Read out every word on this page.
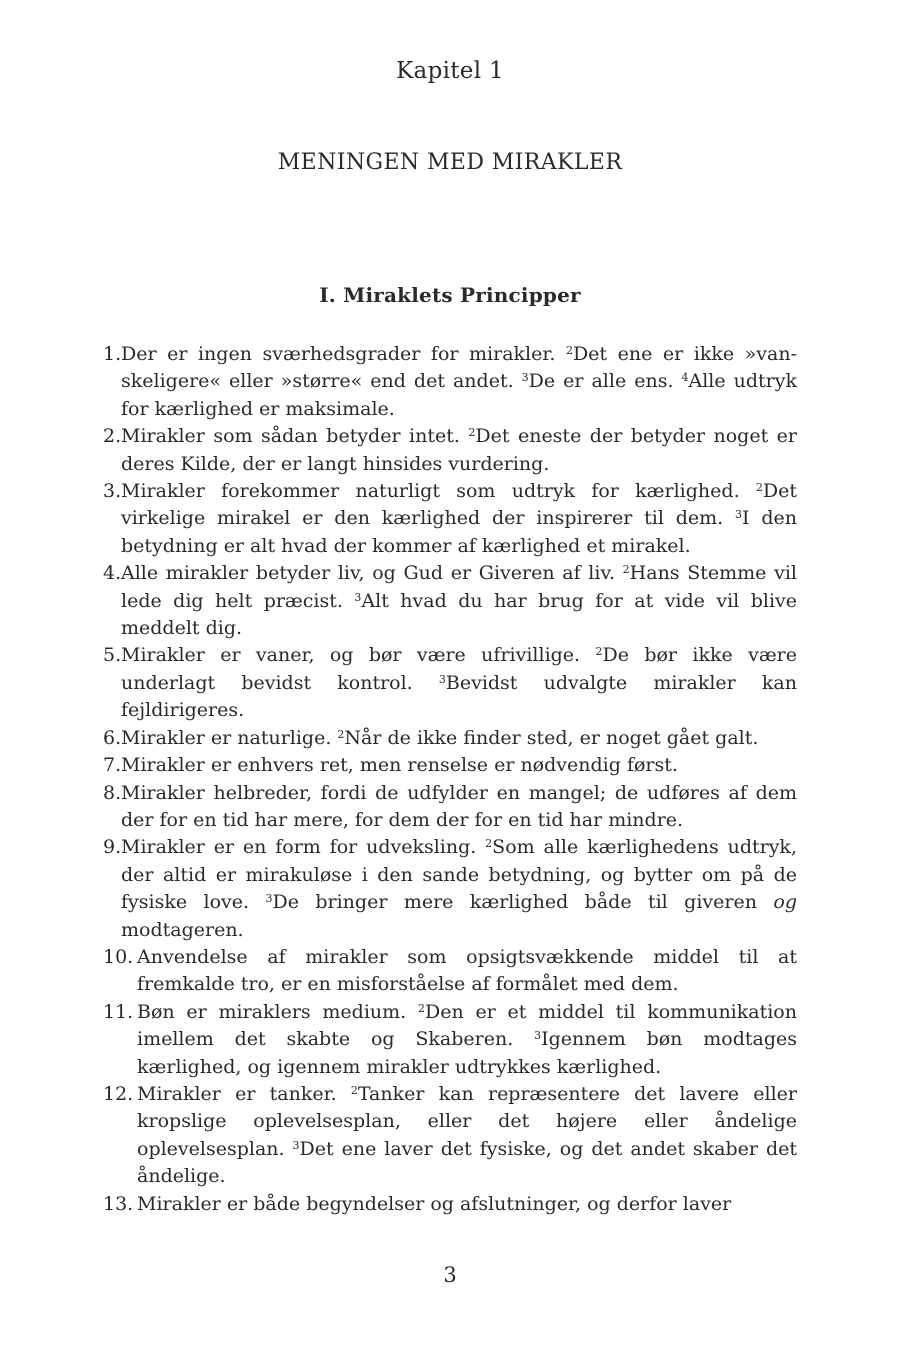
Kapitel 1
MENINGEN MED MIRAKLER
I. Miraklets Principper
1. Der er ingen sværhedsgrader for mirakler. $^2$Det ene er ikke »vanskeligere« eller »større« end det andet. $^3$De er alle ens. $^4$Alle udtryk for kærlighed er maksimale.
2. Mirakler som sådan betyder intet. $^2$Det eneste der betyder noget er deres Kilde, der er langt hinsides vurdering.
3. Mirakler forekommer naturligt som udtryk for kærlighed. $^2$Det virkelige mirakel er den kærlighed der inspirerer til dem. $^3$I den betydning er alt hvad der kommer af kærlighed et mirakel.
4. Alle mirakler betyder liv, og Gud er Giveren af liv. $^2$Hans Stemme vil lede dig helt præcist. $^3$Alt hvad du har brug for at vide vil blive meddelt dig.
5. Mirakler er vaner, og bør være ufrivillige. $^2$De bør ikke være underlagt bevidst kontrol. $^3$Bevidst udvalgte mirakler kan fejldirigeres.
6. Mirakler er naturlige. $^2$Når de ikke finder sted, er noget gået galt.
7. Mirakler er enhvers ret, men renselse er nødvendig først.
8. Mirakler helbreder, fordi de udfylder en mangel; de udføres af dem der for en tid har mere, for dem der for en tid har mindre.
9. Mirakler er en form for udveksling. $^2$Som alle kærlighedens udtryk, der altid er mirakuløse i den sande betydning, og bytter om på de fysiske love. $^3$De bringer mere kærlighed både til giveren og modtageren.
10. Anvendelse af mirakler som opsigtsvækkende middel til at fremkalde tro, er en misforståelse af formålet med dem.
11. Bøn er miraklers medium. $^2$Den er et middel til kommunikation imellem det skabte og Skaberen. $^3$Igennem bøn modtages kærlighed, og igennem mirakler udtrykkes kærlighed.
12. Mirakler er tanker. $^2$Tanker kan repræsentere det lavere eller kropslige oplevelsesplan, eller det højere eller åndelige oplevelsesplan. $^3$Det ene laver det fysiske, og det andet skaber det åndelige.
13. Mirakler er både begyndelser og afslutninger, og derfor laver
3
